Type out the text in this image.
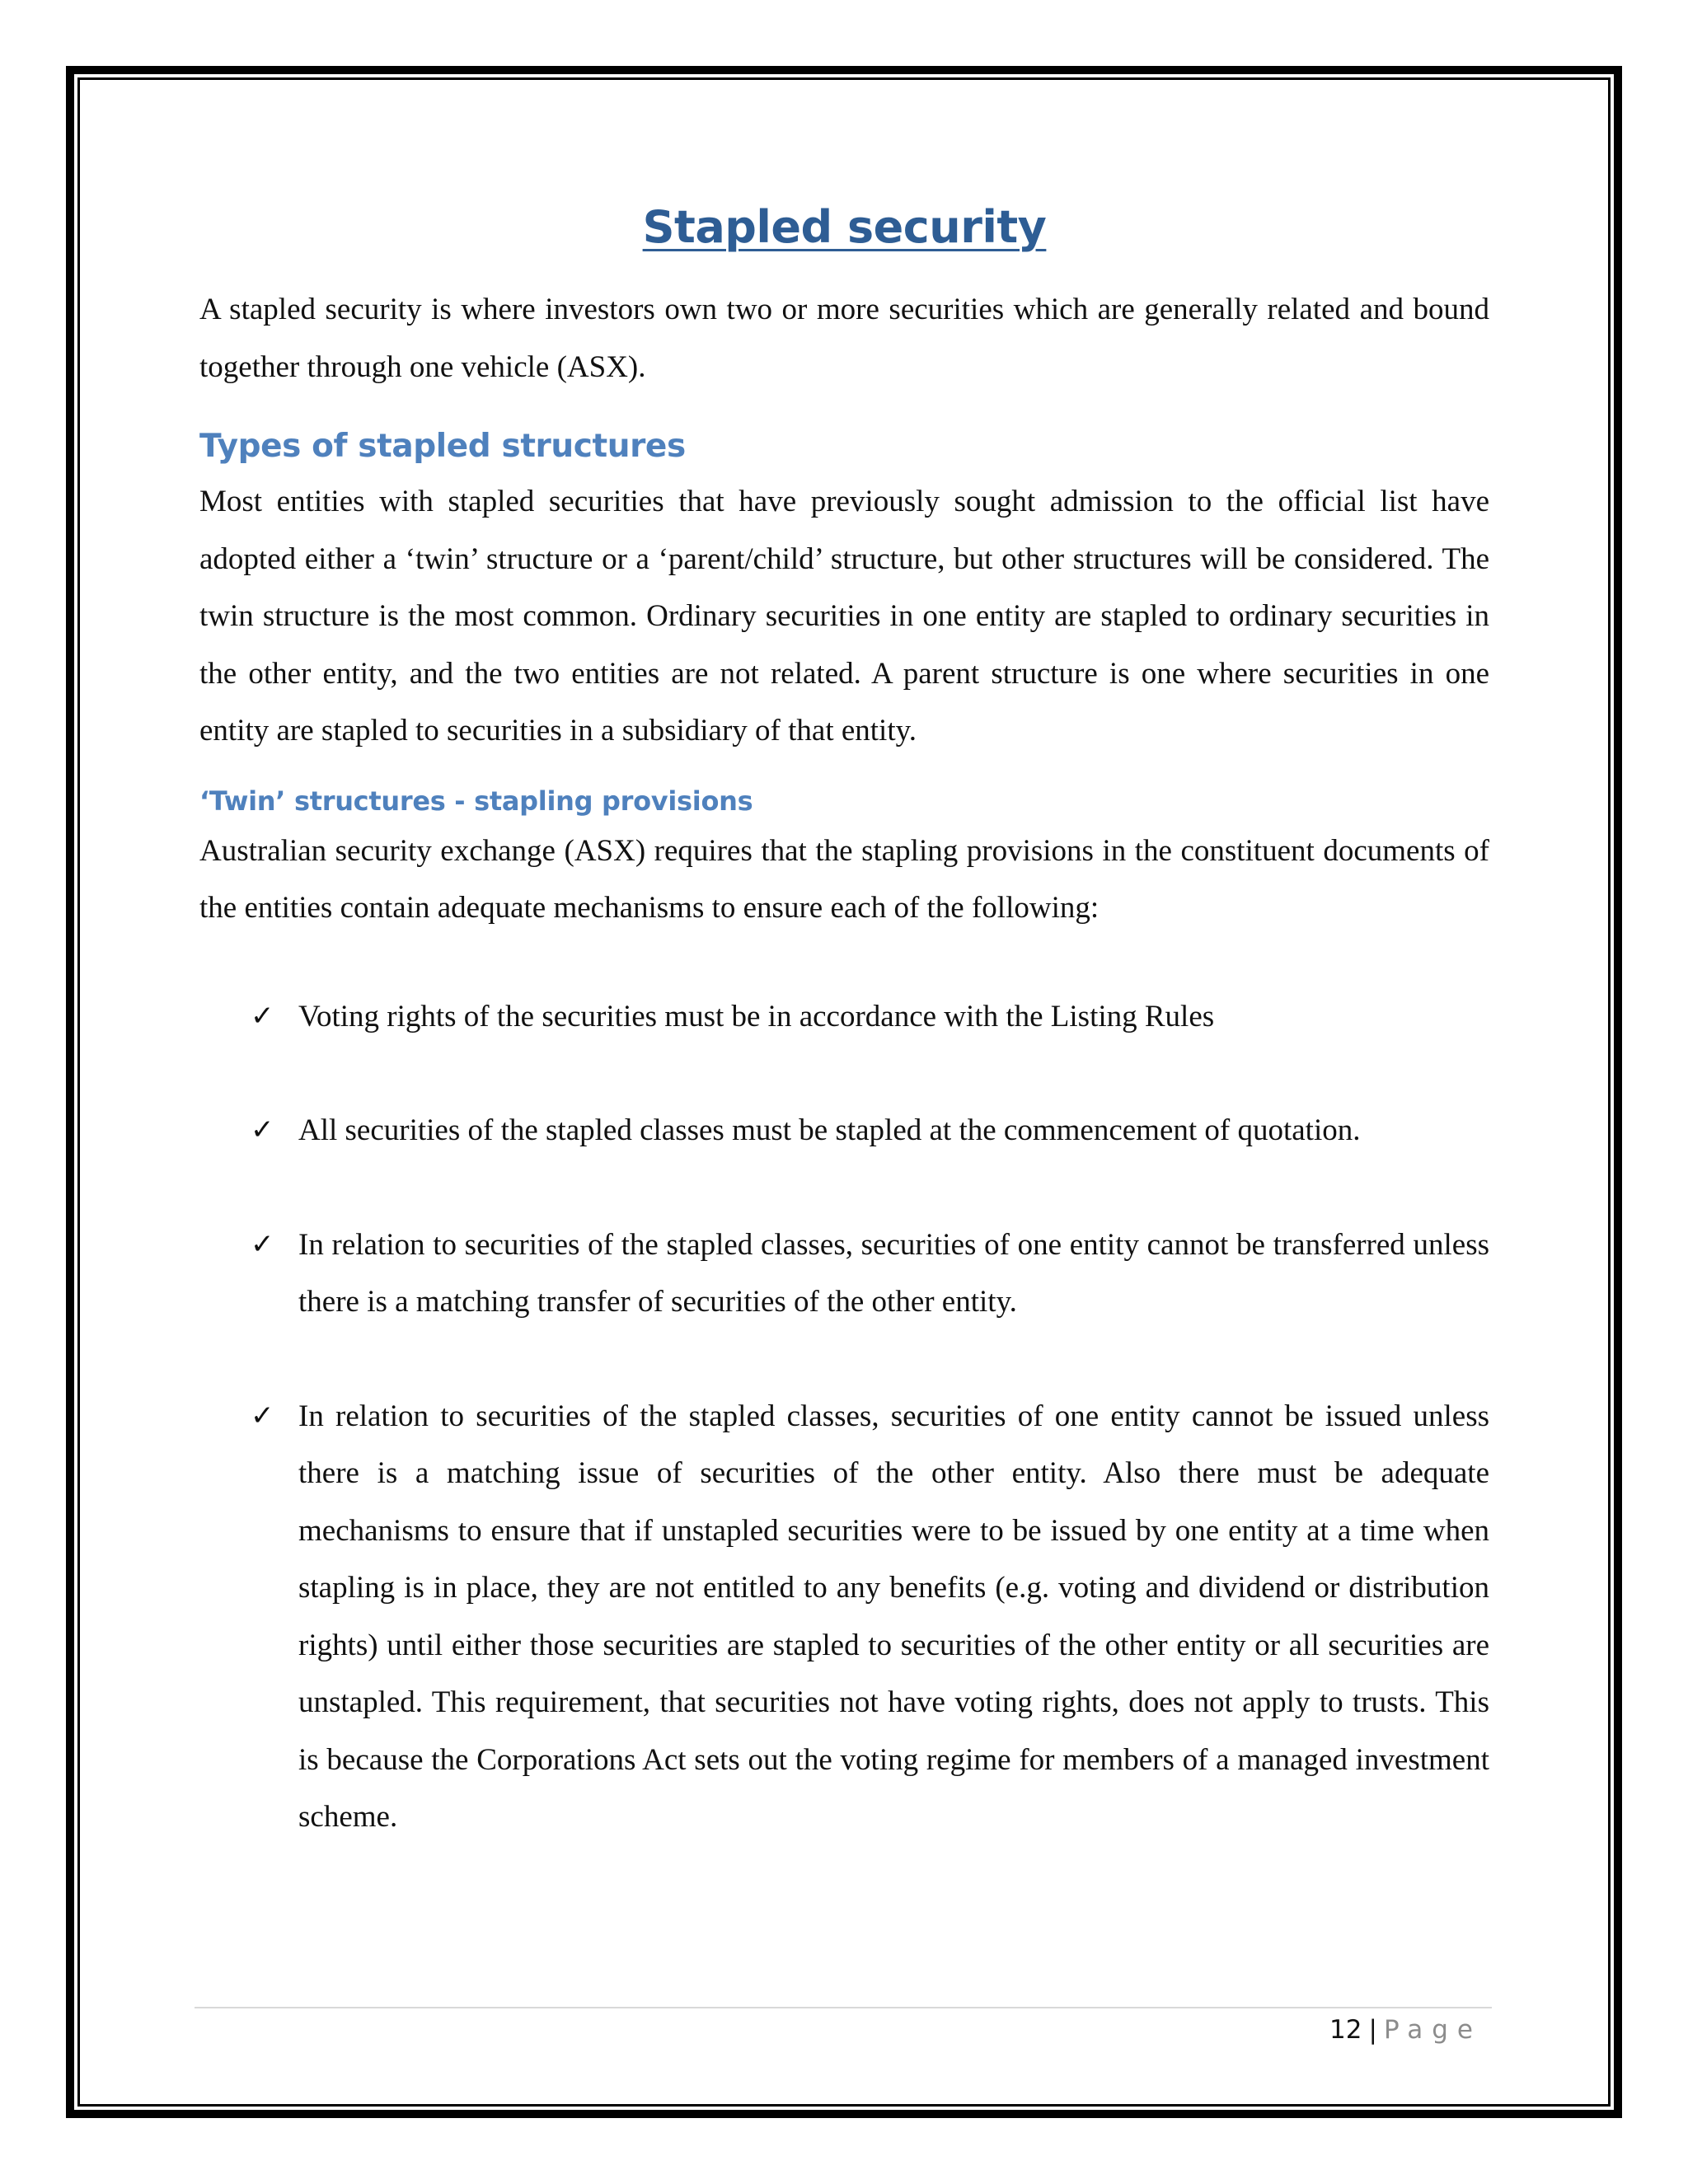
Stapled security

A stapled security is where investors own two or more securities which are generally related and bound together through one vehicle (ASX).

Types of stapled structures

Most entities with stapled securities that have previously sought admission to the official list have adopted either a ‘twin’ structure or a ‘parent/child’ structure, but other structures will be considered. The twin structure is the most common. Ordinary securities in one entity are stapled to ordinary securities in the other entity, and the two entities are not related. A parent structure is one where securities in one entity are stapled to securities in a subsidiary of that entity.

‘Twin’ structures - stapling provisions

Australian security exchange (ASX) requires that the stapling provisions in the constituent documents of the entities contain adequate mechanisms to ensure each of the following:

✓ Voting rights of the securities must be in accordance with the Listing Rules
✓ All securities of the stapled classes must be stapled at the commencement of quotation.
✓ In relation to securities of the stapled classes, securities of one entity cannot be transferred unless there is a matching transfer of securities of the other entity.
✓ In relation to securities of the stapled classes, securities of one entity cannot be issued unless there is a matching issue of securities of the other entity. Also there must be adequate mechanisms to ensure that if unstapled securities were to be issued by one entity at a time when stapling is in place, they are not entitled to any benefits (e.g. voting and dividend or distribution rights) until either those securities are stapled to securities of the other entity or all securities are unstapled. This requirement, that securities not have voting rights, does not apply to trusts. This is because the Corporations Act sets out the voting regime for members of a managed investment scheme.
12 | Page
